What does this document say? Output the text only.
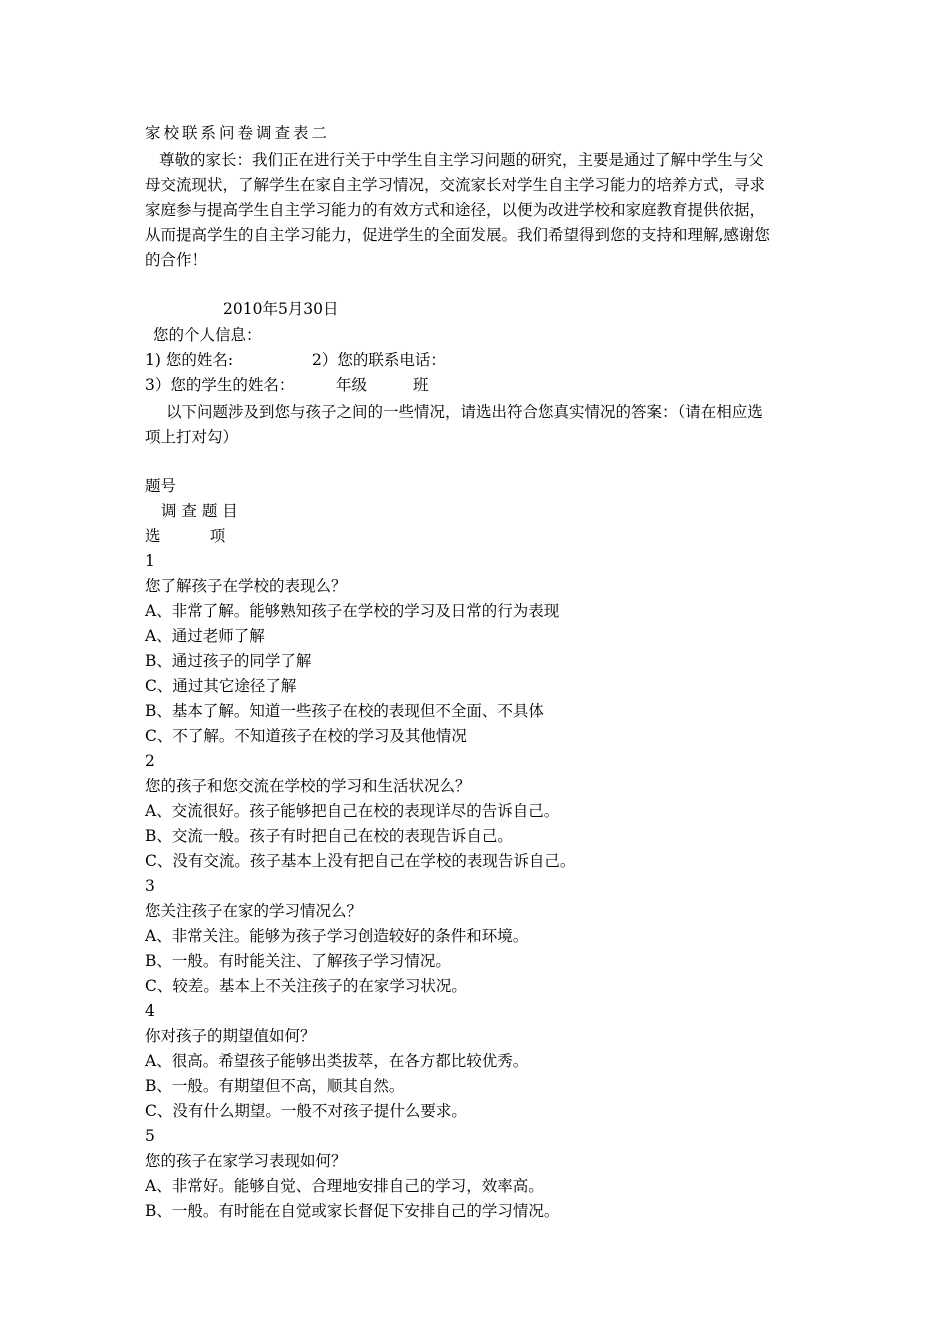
家校联系问卷调查表二

尊敬的家长：我们正在进行关于中学生自主学习问题的研究，主要是通过了解中学生与父

母交流现状，了解学生在家自主学习情况，交流家长对学生自主学习能力的培养方式，寻求

家庭参与提高学生自主学习能力的有效方式和途径，以便为改进学校和家庭教育提供依据，

从而提高学生的自主学习能力，促进学生的全面发展。我们希望得到您的支持和理解,感谢您

的合作！

2010年5月30日

您的个人信息：

1) 您的姓名:	2）您的联系电话：

3）您的学生的姓名：	年级	班

以下问题涉及到您与孩子之间的一些情况，请选出符合您真实情况的答案：（请在相应选

项上打对勾）

题号

调 查 题 目

选          项

1

您了解孩子在学校的表现么？

A、非常了解。能够熟知孩子在学校的学习及日常的行为表现

A、通过老师了解

B、通过孩子的同学了解

C、通过其它途径了解

B、基本了解。知道一些孩子在校的表现但不全面、不具体

C、不了解。不知道孩子在校的学习及其他情况

2

您的孩子和您交流在学校的学习和生活状况么？

A、交流很好。孩子能够把自己在校的表现详尽的告诉自己。

B、交流一般。孩子有时把自己在校的表现告诉自己。

C、没有交流。孩子基本上没有把自己在学校的表现告诉自己。

3

您关注孩子在家的学习情况么？

A、非常关注。能够为孩子学习创造较好的条件和环境。

B、一般。有时能关注、了解孩子学习情况。

C、较差。基本上不关注孩子的在家学习状况。

4

你对孩子的期望值如何？

A、很高。希望孩子能够出类拔萃，在各方都比较优秀。

B、一般。有期望但不高，顺其自然。

C、没有什么期望。一般不对孩子提什么要求。

5

您的孩子在家学习表现如何？

A、非常好。能够自觉、合理地安排自己的学习，效率高。

B、一般。有时能在自觉或家长督促下安排自己的学习情况。
